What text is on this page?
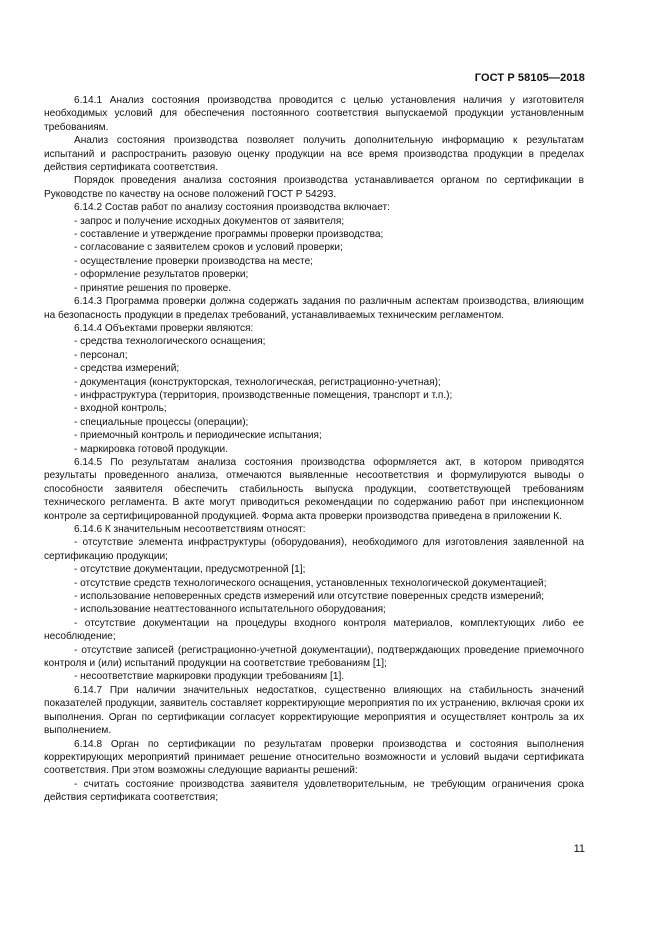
ГОСТ Р 58105—2018

6.14.1 Анализ состояния производства проводится с целью установления наличия у изготовителя необходимых условий для обеспечения постоянного соответствия выпускаемой продукции установленным требованиям.

Анализ состояния производства позволяет получить дополнительную информацию к результатам испытаний и распространить разовую оценку продукции на все время производства продукции в пределах действия сертификата соответствия.

Порядок проведения анализа состояния производства устанавливается органом по сертификации в Руководстве по качеству на основе положений ГОСТ Р 54293.

6.14.2 Состав работ по анализу состояния производства включает:

- запрос и получение исходных документов от заявителя;

- составление и утверждение программы проверки производства;

- согласование с заявителем сроков и условий проверки;

- осуществление проверки производства на месте;

- оформление результатов проверки;

- принятие решения по проверке.

6.14.3 Программа проверки должна содержать задания по различным аспектам производства, влияющим на безопасность продукции в пределах требований, устанавливаемых техническим регламентом.

6.14.4 Объектами проверки являются:

- средства технологического оснащения;

- персонал;

- средства измерений;

- документация (конструкторская, технологическая, регистрационно-учетная);

- инфраструктура (территория, производственные помещения, транспорт и т.п.);

- входной контроль;

- специальные процессы (операции);

- приемочный контроль и периодические испытания;

- маркировка готовой продукции.

6.14.5 По результатам анализа состояния производства оформляется акт, в котором приводятся результаты проведенного анализа, отмечаются выявленные несоответствия и формулируются выводы о способности заявителя обеспечить стабильность выпуска продукции, соответствующей требованиям технического регламента. В акте могут приводиться рекомендации по содержанию работ при инспекционном контроле за сертифицированной продукцией. Форма акта проверки производства приведена в приложении К.

6.14.6 К значительным несоответствиям относят:

- отсутствие элемента инфраструктуры (оборудования), необходимого для изготовления заявленной на сертификацию продукции;

- отсутствие документации, предусмотренной [1];

- отсутствие средств технологического оснащения, установленных технологической документацией;

- использование неповеренных средств измерений или отсутствие поверенных средств измерений;

- использование неаттестованного испытательного оборудования;

- отсутствие документации на процедуры входного контроля материалов, комплектующих либо ее несоблюдение;

- отсутствие записей (регистрационно-учетной документации), подтверждающих проведение приемочного контроля и (или) испытаний продукции на соответствие требованиям [1];

- несоответствие маркировки продукции требованиям [1].

6.14.7 При наличии значительных недостатков, существенно влияющих на стабильность значений показателей продукции, заявитель составляет корректирующие мероприятия по их устранению, включая сроки их выполнения. Орган по сертификации согласует корректирующие мероприятия и осуществляет контроль за их выполнением.

6.14.8 Орган по сертификации по результатам проверки производства и состояния выполнения корректирующих мероприятий принимает решение относительно возможности и условий выдачи сертификата соответствия. При этом возможны следующие варианты решений:

- считать состояние производства заявителя удовлетворительным, не требующим ограничения срока действия сертификата соответствия;

11
